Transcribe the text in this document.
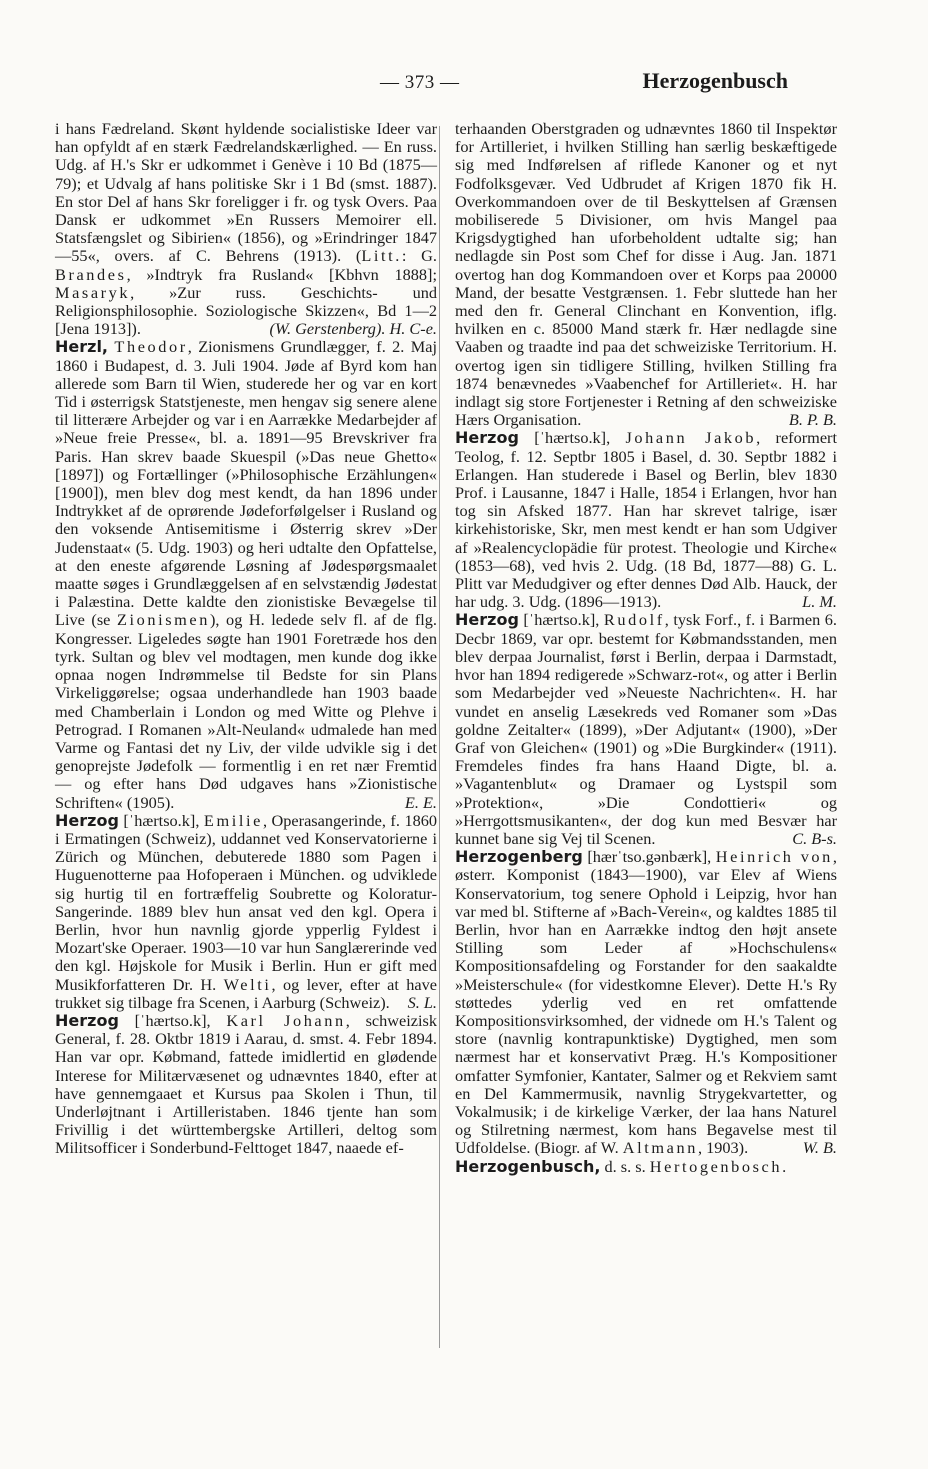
— 373 —	Herzogenbusch

i hans Fædreland. Skønt hyldende socialistiske Ideer var han opfyldt af en stærk Fædrelandskærlighed. — En russ. Udg. af H.'s Skr er udkommet i Genève i 10 Bd (1875—79); et Udvalg af hans politiske Skr i 1 Bd (smst. 1887). En stor Del af hans Skr foreligger i fr. og tysk Overs. Paa Dansk er udkommet »En Russers Memoirer ell. Statsfængslet og Sibirien« (1856), og »Erindringer 1847—55«, overs. af C. Behrens (1913). (Litt.: G. Brandes, »Indtryk fra Rusland« [Kbhvn 1888]; Masaryk, »Zur russ. Geschichts- und Religionsphilosophie. Soziologische Skizzen«, Bd 1—2 [Jena 1913]).	(W. Gerstenberg). H. C-e.

Herzl, Theodor, Zionismens Grundlægger, f. 2. Maj 1860 i Budapest, d. 3. Juli 1904. Jøde af Byrd kom han allerede som Barn til Wien, studerede her og var en kort Tid i østerrigsk Statstjeneste, men hengav sig senere alene til litterære Arbejder og var i en Aarrække Medarbejder af »Neue freie Presse«, bl. a. 1891—95 Brevskriver fra Paris. Han skrev baade Skuespil (»Das neue Ghetto« [1897]) og Fortællinger (»Philosophische Erzählungen« [1900]), men blev dog mest kendt, da han 1896 under Indtrykket af de oprørende Jødeforfølgelser i Rusland og den voksende Antisemitisme i Østerrig skrev »Der Judenstaat« (5. Udg. 1903) og heri udtalte den Opfattelse, at den eneste afgørende Løsning af Jødespørgsmaalet maatte søges i Grundlæggelsen af en selvstændig Jødestat i Palæstina. Dette kaldte den zionistiske Bevægelse til Live (se Zionismen), og H. ledede selv fl. af de flg. Kongresser. Ligeledes søgte han 1901 Foretræde hos den tyrk. Sultan og blev vel modtagen, men kunde dog ikke opnaa nogen Indrømmelse til Bedste for sin Plans Virkeliggørelse; ogsaa underhandlede han 1903 baade med Chamberlain i London og med Witte og Plehve i Petrograd. I Romanen »Alt-Neuland« udmalede han med Varme og Fantasi det ny Liv, der vilde udvikle sig i det genoprejste Jødefolk — formentlig i en ret nær Fremtid — og efter hans Død udgaves hans »Zionistische Schriften« (1905).	E. E.

Herzog [ˈhærtso.k], Emilie, Operasangerinde, f. 1860 i Ermatingen (Schweiz), uddannet ved Konservatorierne i Zürich og München, debuterede 1880 som Pagen i Huguenotterne paa Hofoperaen i München. og udviklede sig hurtig til en fortræffelig Soubrette og Koloratur-Sangerinde. 1889 blev hun ansat ved den kgl. Opera i Berlin, hvor hun navnlig gjorde ypperlig Fyldest i Mozart'ske Operaer. 1903—10 var hun Sanglærerinde ved den kgl. Højskole for Musik i Berlin. Hun er gift med Musikforfatteren Dr. H. Welti, og lever, efter at have trukket sig tilbage fra Scenen, i Aarburg (Schweiz).	S. L.

Herzog [ˈhærtso.k], Karl Johann, schweizisk General, f. 28. Oktbr 1819 i Aarau, d. smst. 4. Febr 1894. Han var opr. Købmand, fattede imidlertid en glødende Interese for Militærvæsenet og udnævntes 1840, efter at have gennemgaaet et Kursus paa Skolen i Thun, til Underløjtnant i Artilleristaben. 1846 tjente han som Frivillig i det württembergske Artilleri, deltog som Militsofficer i Sonderbund-Felttoget 1847, naaede ef-

terhaanden Oberstgraden og udnævntes 1860 til Inspektør for Artilleriet, i hvilken Stilling han særlig beskæftigede sig med Indførelsen af riflede Kanoner og et nyt Fodfolksgevær. Ved Udbrudet af Krigen 1870 fik H. Overkommandoen over de til Beskyttelsen af Grænsen mobiliserede 5 Divisioner, om hvis Mangel paa Krigsdygtighed han uforbeholdent udtalte sig; han nedlagde sin Post som Chef for disse i Aug. Jan. 1871 overtog han dog Kommandoen over et Korps paa 20000 Mand, der besatte Vestgrænsen. 1. Febr sluttede han her med den fr. General Clinchant en Konvention, iflg. hvilken en c. 85000 Mand stærk fr. Hær nedlagde sine Vaaben og traadte ind paa det schweiziske Territorium. H. overtog igen sin tidligere Stilling, hvilken Stilling fra 1874 benævnedes »Vaabenchef for Artilleriet«. H. har indlagt sig store Fortjenester i Retning af den schweiziske Hærs Organisation.	B. P. B.

Herzog [ˈhærtso.k], Johann Jakob, reformert Teolog, f. 12. Septbr 1805 i Basel, d. 30. Septbr 1882 i Erlangen. Han studerede i Basel og Berlin, blev 1830 Prof. i Lausanne, 1847 i Halle, 1854 i Erlangen, hvor han tog sin Afsked 1877. Han har skrevet talrige, især kirkehistoriske, Skr, men mest kendt er han som Udgiver af »Realencyclopädie für protest. Theologie und Kirche« (1853—68), ved hvis 2. Udg. (18 Bd, 1877—88) G. L. Plitt var Medudgiver og efter dennes Død Alb. Hauck, der har udg. 3. Udg. (1896—1913).	L. M.

Herzog [ˈhærtso.k], Rudolf, tysk Forf., f. i Barmen 6. Decbr 1869, var opr. bestemt for Købmandsstanden, men blev derpaa Journalist, først i Berlin, derpaa i Darmstadt, hvor han 1894 redigerede »Schwarz-rot«, og atter i Berlin som Medarbejder ved »Neueste Nachrichten«. H. har vundet en anselig Læsekreds ved Romaner som »Das goldne Zeitalter« (1899), »Der Adjutant« (1900), »Der Graf von Gleichen« (1901) og »Die Burgkinder« (1911). Fremdeles findes fra hans Haand Digte, bl. a. »Vagantenblut« og Dramaer og Lystspil som »Protektion«, »Die Condottieri« og »Herrgottsmusikanten«, der dog kun med Besvær har kunnet bane sig Vej til Scenen.	C. B-s.

Herzogenberg [hærˈtso.gənbærk], Heinrich von, østerr. Komponist (1843—1900), var Elev af Wiens Konservatorium, tog senere Ophold i Leipzig, hvor han var med bl. Stifterne af »Bach-Verein«, og kaldtes 1885 til Berlin, hvor han en Aarrække indtog den højt ansete Stilling som Leder af »Hochschulens« Kompositionsafdeling og Forstander for den saakaldte »Meisterschule« (for videstkomne Elever). Dette H.'s Ry støttedes yderlig ved en ret omfattende Kompositionsvirksomhed, der vidnede om H.'s Talent og store (navnlig kontrapunktiske) Dygtighed, men som nærmest har et konservativt Præg. H.'s Kompositioner omfatter Symfonier, Kantater, Salmer og et Rekviem samt en Del Kammermusik, navnlig Strygekvartetter, og Vokalmusik; i de kirkelige Værker, der laa hans Naturel og Stilretning nærmest, kom hans Begavelse mest til Udfoldelse. (Biogr. af W. Altmann, 1903).	W. B.

Herzogenbusch, d. s. s. Hertogenbosch.
